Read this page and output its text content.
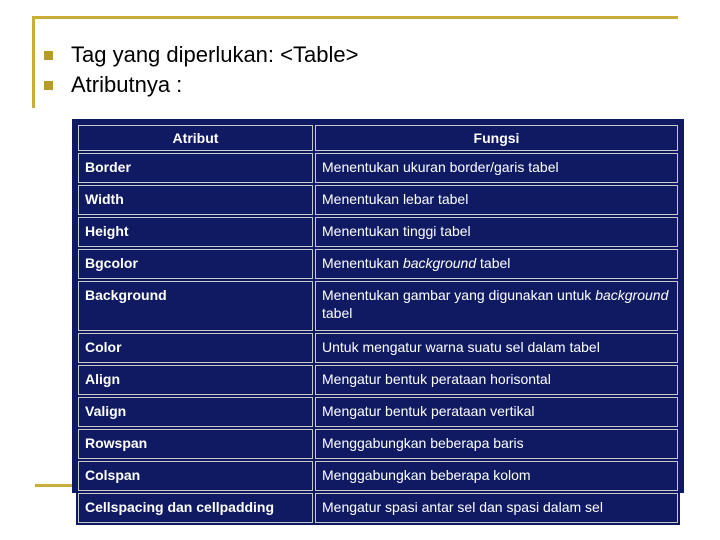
Tag yang diperlukan: <Table>
Atributnya :
Atribut	Fungsi
Border	Menentukan ukuran border/garis tabel
Width	Menentukan lebar tabel
Height	Menentukan tinggi tabel
Bgcolor	Menentukan background tabel
Background	Menentukan gambar yang digunakan untuk background tabel
Color	Untuk mengatur warna suatu sel dalam tabel
Align	Mengatur bentuk perataan horisontal
Valign	Mengatur bentuk perataan vertikal
Rowspan	Menggabungkan beberapa baris
Colspan	Menggabungkan beberapa kolom
Cellspacing dan cellpadding	Mengatur spasi antar sel dan spasi dalam sel
